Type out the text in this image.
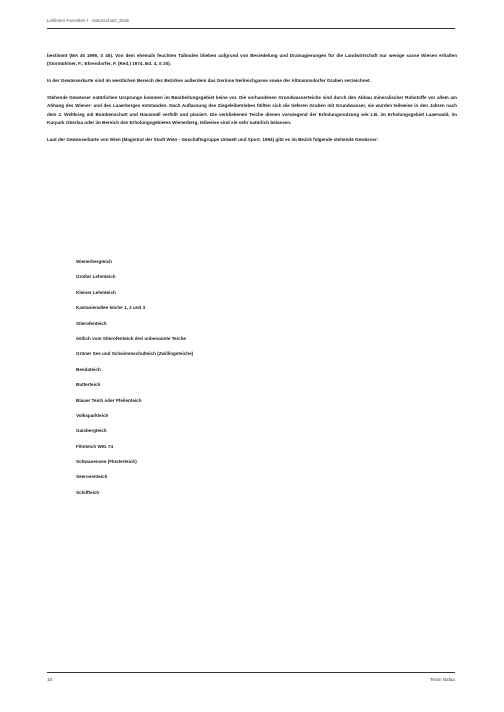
Leitlinien Favoriten I - Naturschutz_Ziele

bestimmt (MA 45 1999, S 45). Von dem ehemals feuchten Talboden blieben aufgrund von Besiedelung und Drainagierungen für die Landwirtschaft nur wenige sasse Wiesen erhalten (Stormühlner, F.; Ehrendorfer, F. (Red.) 1974. Bd. 4, S 20).

In der Gewässerkarte sind im westlichen Bereich des Bezirkes außerdem das Gerinne Neilreichgasse sowie der Altmannsdorfer Graben verzeichnet.

Stehende Gewässer natürlichen Ursprungs kommen im Bearbeitungsgebiet keine vor. Die vorhandenen Grundwasserteiche sind durch den Abbau mineralischer Rohstoffe vor allem am Abhang des Wiener- und des Laaerberges entstanden. Nach Auflassung des Ziegeleibetriebes füllten sich die tieferen Gruben mit Grundwasser, sie wurden teilweise in den Jahren nach dem 2. Weltkrieg mit Bombenschutt und Hausmüll verfüllt und planiert. Die verbliebenen Teiche dienen vorwiegend der Erholungsnutzung wie z.B. im Erholungsgebiet Laaerwald, im Kurpark Oberlaa oder im Bereich des Erholungsgebietes Wienerberg, teilweise sind sie sehr natürlich belassen.

Laut der Gewässerkarte von Wien (Magistrat der Stadt Wien - Geschäftsgruppe Umwelt und Sport. 1994) gibt es im Bezirk folgende stehende Gewässer:

Wienerbergteich
Großer Lehmteich
Kleiner Lehmteich
Kastanienallee teiche 1, 2 und 3
Stierofenteich
östlich vom Stierofenteich drei unbenannte Teiche
Grüner See und Schwimmschulteich (Zwillingsteiche)
Bendateich
Butterteich
Blauer Teich oder Pfeilenteich
Volksparkteich
Gaisbergteich
Filmteich WIG 74
Schwanensee (Flüsterteich)
Seerosenteich
Schilfteich
10	Team Nafaa
